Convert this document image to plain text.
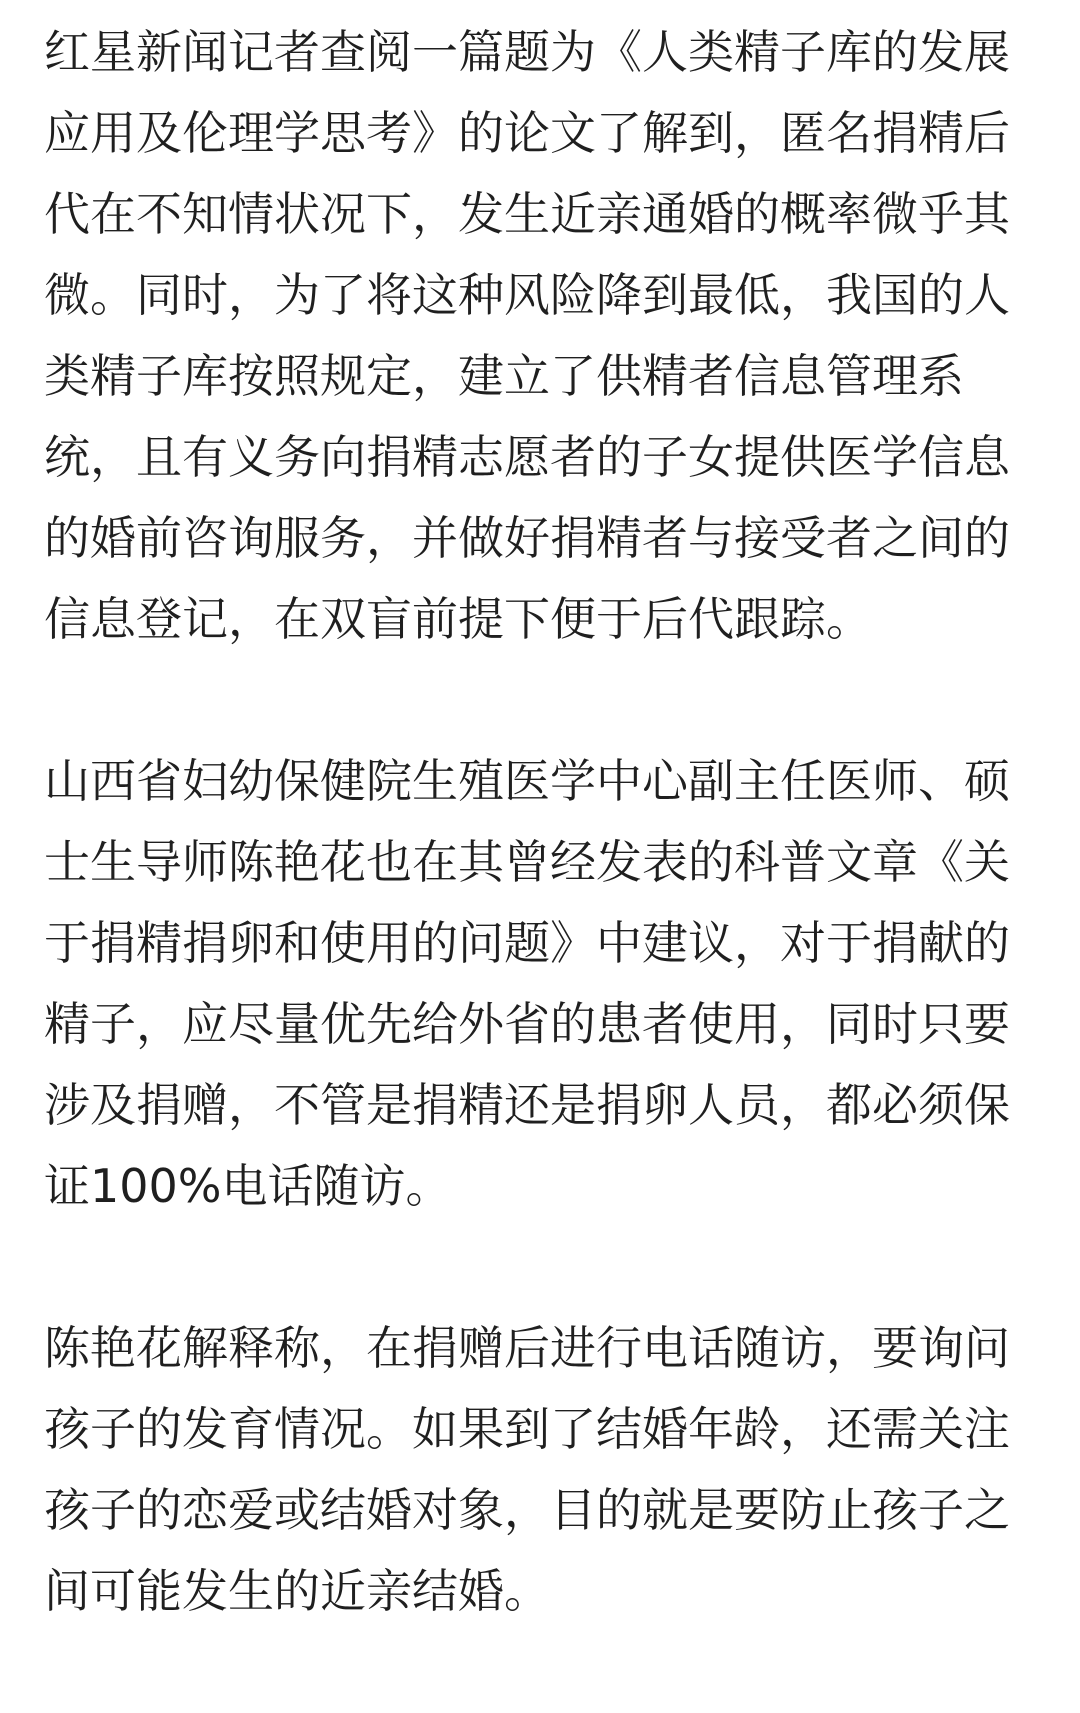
红星新闻记者查阅一篇题为《人类精子库的发展
应用及伦理学思考》的论文了解到，匿名捐精后
代在不知情状况下，发生近亲通婚的概率微乎其
微。同时，为了将这种风险降到最低，我国的人
类精子库按照规定，建立了供精者信息管理系
统，且有义务向捐精志愿者的子女提供医学信息
的婚前咨询服务，并做好捐精者与接受者之间的
信息登记，在双盲前提下便于后代跟踪。

山西省妇幼保健院生殖医学中心副主任医师、硕
士生导师陈艳花也在其曾经发表的科普文章《关
于捐精捐卵和使用的问题》中建议，对于捐献的
精子，应尽量优先给外省的患者使用，同时只要
涉及捐赠，不管是捐精还是捐卵人员，都必须保
证100%电话随访。

陈艳花解释称，在捐赠后进行电话随访，要询问
孩子的发育情况。如果到了结婚年龄，还需关注
孩子的恋爱或结婚对象，目的就是要防止孩子之
间可能发生的近亲结婚。
